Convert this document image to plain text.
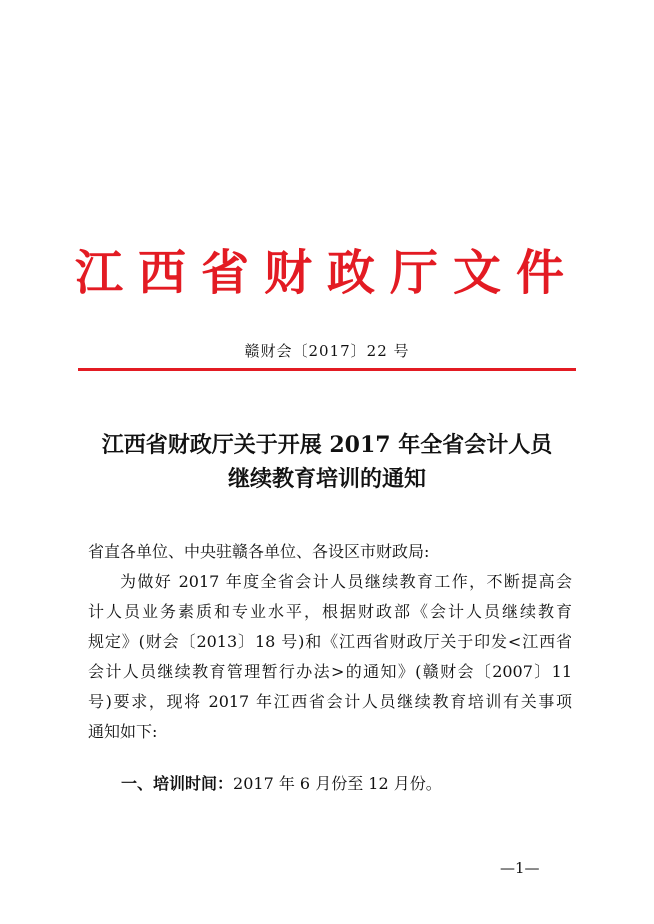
江西省财政厅文件
赣财会〔2017〕22 号
江西省财政厅关于开展 2017 年全省会计人员
继续教育培训的通知
省直各单位、中央驻赣各单位、各设区市财政局:
为做好 2017 年度全省会计人员继续教育工作，不断提高会
计人员业务素质和专业水平，根据财政部《会计人员继续教育
规定》(财会〔2013〕18 号)和《江西省财政厅关于印发<江西省
会计人员继续教育管理暂行办法>的通知》(赣财会〔2007〕11
号)要求，现将 2017 年江西省会计人员继续教育培训有关事项
通知如下:
一、培训时间：2017 年 6 月份至 12 月份。
—1—
